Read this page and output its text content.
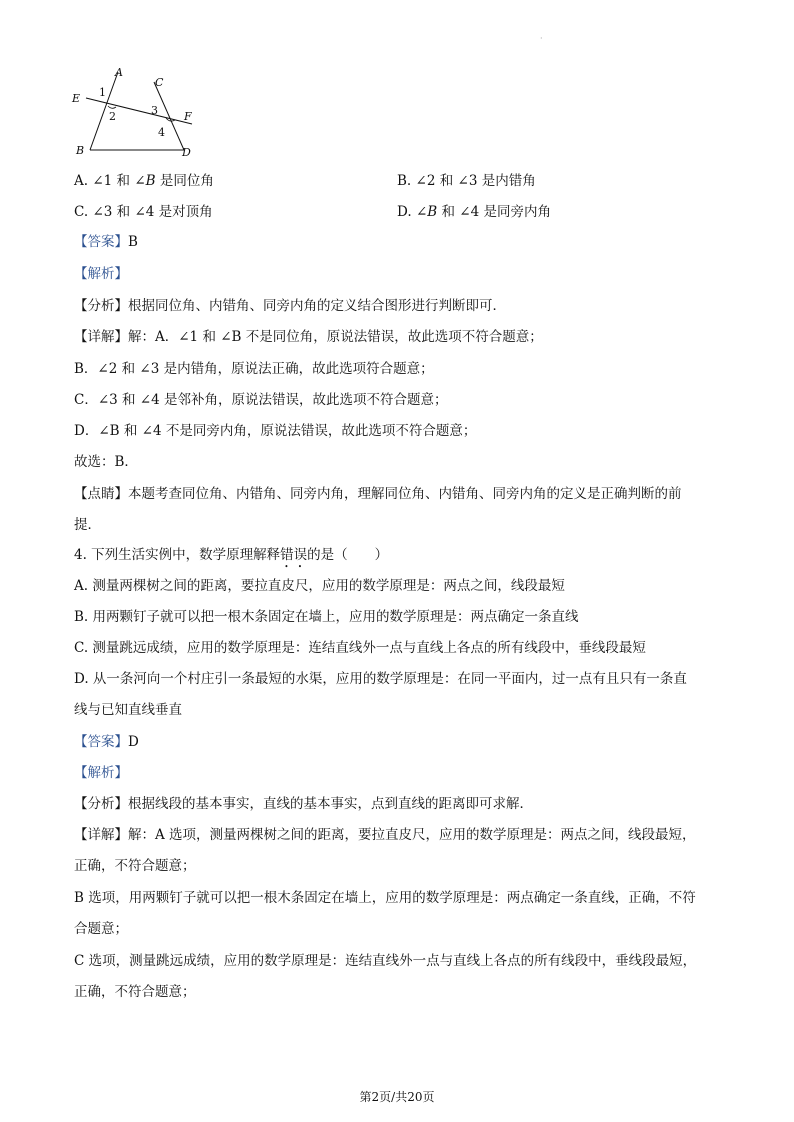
·
A
C
E
F
B	D
1
2	3
4
A. ∠1 和 ∠B 是同位角	B. ∠2 和 ∠3 是内错角
C. ∠3 和 ∠4 是对顶角	D. ∠B 和 ∠4 是同旁内角
【答案】B
【解析】
【分析】根据同位角、内错角、同旁内角的定义结合图形进行判断即可．
【详解】解：A．∠1 和 ∠B 不是同位角，原说法错误，故此选项不符合题意；
B．∠2 和 ∠3 是内错角，原说法正确，故此选项符合题意；
C．∠3 和 ∠4 是邻补角，原说法错误，故此选项不符合题意；
D．∠B 和 ∠4 不是同旁内角，原说法错误，故此选项不符合题意；
故选：B．
【点睛】本题考查同位角、内错角、同旁内角，理解同位角、内错角、同旁内角的定义是正确判断的前
提．
4. 下列生活实例中，数学原理解释错误的是（　　）
A. 测量两棵树之间的距离，要拉直皮尺，应用的数学原理是：两点之间，线段最短
B. 用两颗钉子就可以把一根木条固定在墙上，应用的数学原理是：两点确定一条直线
C. 测量跳远成绩，应用的数学原理是：连结直线外一点与直线上各点的所有线段中，垂线段最短
D. 从一条河向一个村庄引一条最短的水渠，应用的数学原理是：在同一平面内，过一点有且只有一条直
线与已知直线垂直
【答案】D
【解析】
【分析】根据线段的基本事实，直线的基本事实，点到直线的距离即可求解．
【详解】解：A 选项，测量两棵树之间的距离，要拉直皮尺，应用的数学原理是：两点之间，线段最短，
正确，不符合题意；
B 选项，用两颗钉子就可以把一根木条固定在墙上，应用的数学原理是：两点确定一条直线，正确，不符
合题意；
C 选项，测量跳远成绩，应用的数学原理是：连结直线外一点与直线上各点的所有线段中，垂线段最短，
正确，不符合题意；
第2页/共20页
